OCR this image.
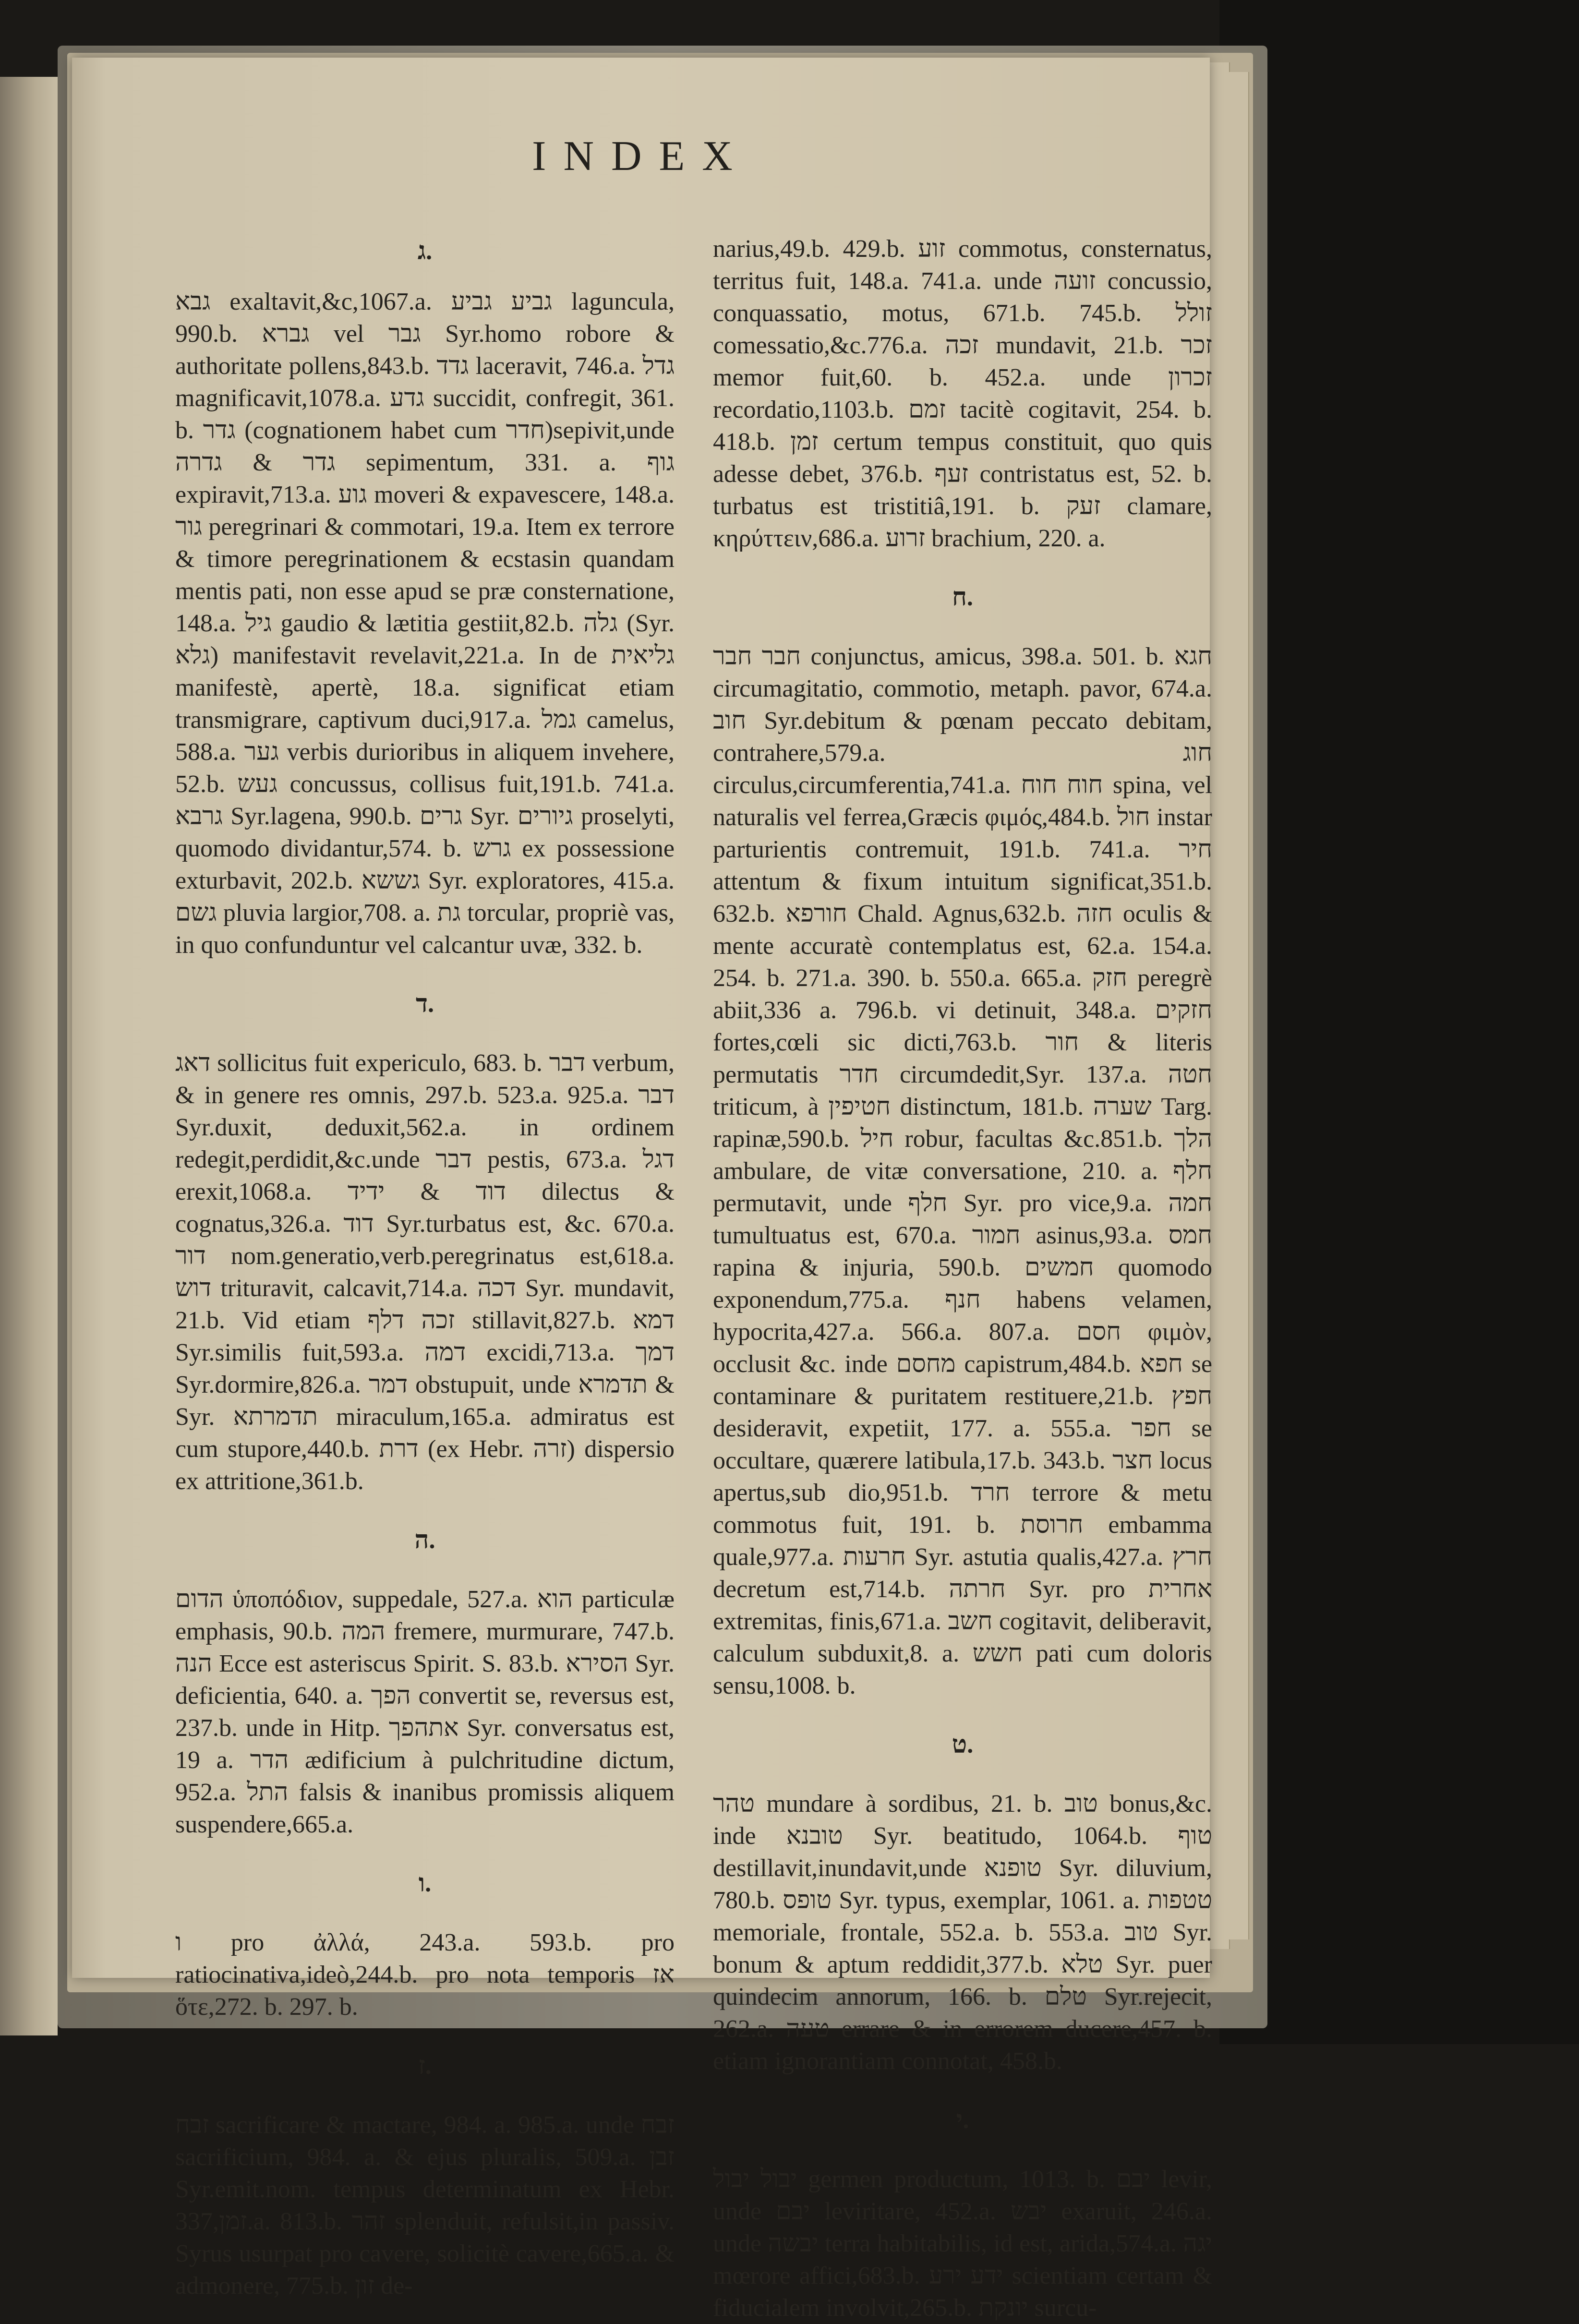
INDEX
ג.

גבא exaltavit,&c,1067.a. גביע גביע laguncula, 990.b. גברא vel גבר Syr.homo robore & authoritate pollens,843.b. גדד laceravit, 746.a. גדל magnificavit,1078.a. גדע succidit, confregit, 361. b. גדר (cognationem habet cum חדר)sepivit,unde גדר & גדרה sepimentum, 331. a. גוף expiravit,713.a. גוע moveri & expavescere, 148.a. גור peregrinari & commotari, 19.a. Item ex terrore & timore peregrinationem & ecstasin quandam mentis pati, non esse apud se præ consternatione, 148.a. גיל gaudio & lætitia gestiit,82.b. גלה (Syr. גלא) manifestavit revelavit,221.a. In de גליאית manifestè, apertè, 18.a. significat etiam transmigrare, captivum duci,917.a. גמל camelus, 588.a. גער verbis durioribus in aliquem invehere, 52.b. געש concussus, collisus fuit,191.b. 741.a. גרבא Syr.lagena, 990.b. גרים Syr. גיורים proselyti, quomodo dividantur,574. b. גרש ex possessione exturbavit, 202.b. גששא Syr. exploratores, 415.a. גשם pluvia largior,708. a. גת torcular, propriè vas, in quo confunduntur vel calcantur uvæ, 332. b.

ד.

דאג sollicitus fuit expericulo, 683. b. דבר verbum, & in genere res omnis, 297.b. 523.a. 925.a. דבר Syr.duxit, deduxit,562.a. in ordinem redegit,perdidit,&c.unde דבר pestis, 673.a. דגל erexit,1068.a. דוד & ידיד dilectus & cognatus,326.a. דוד Syr.turbatus est, &c. 670.a. דור nom.generatio,verb.peregrinatus est,618.a. דוש trituravit, calcavit,714.a. דכה Syr. mundavit, 21.b. Vid etiam זכה דלף stillavit,827.b. דמא Syr.similis fuit,593.a. דמה excidi,713.a. דמך Syr.dormire,826.a. דמר obstupuit, unde תדמרא & Syr. תדמרתא miraculum,165.a. admiratus est cum stupore,440.b. דרת (ex Hebr. זרה) dispersio ex attritione,361.b.

ה.

הדום ὑποπόδιον, suppedale, 527.a. הוא particulæ emphasis, 90.b. המה fremere, murmurare, 747.b. הנה Ecce est asteriscus Spirit. S. 83.b. הסירא Syr. deficientia, 640. a. הפך convertit se, reversus est, 237.b. unde in Hitp. אתהפך Syr. conversatus est, 19 a. הדר ædificium à pulchritudine dictum, 952.a. התל falsis & inanibus promissis aliquem suspendere,665.a.

ו.

ו pro ἀλλά, 243.a. 593.b. pro ratiocinativa,ideò,244.b. pro nota temporis אז ὅτε,272. b. 297. b.

ז.

זבח sacrificare & mactare, 984. a. 985.a. unde זבח sacrificium, 984. a. & ejus pluralis, 509.a. זבן Syr.emit.nom. tempus determinatum ex Hebr. זמן,337.a. 813.b. זהר splenduit, refulsit,in passiv. Syrus usurpat pro cavere, solicitè cavere,665.a. & admonere, 775.b. זון de-

narius,49.b. 429.b. זוע commotus, consternatus, territus fuit, 148.a. 741.a. unde זועה concussio, conquassatio, motus, 671.b. 745.b. זולל comessatio,&c.776.a. זכה mundavit, 21.b. זכר memor fuit,60. b. 452.a. unde זכרון recordatio,1103.b. זמם tacitè cogitavit, 254. b. 418.b. זמן certum tempus constituit, quo quis adesse debet, 376.b. זעף contristatus est, 52. b. turbatus est tristitiâ,191. b. זעק clamare, κηρύττειν,686.a. זרוע brachium, 220. a.

ח.

חבר חבר conjunctus, amicus, 398.a. 501. b. חגא circumagitatio, commotio, metaph. pavor, 674.a. חוב Syr.debitum & pœnam peccato debitam, contrahere,579.a. חוג circulus,circumferentia,741.a. חוח חוח spina, vel naturalis vel ferrea,Græcis φιμός,484.b. חול instar parturientis contremuit, 191.b. 741.a. חיר attentum & fixum intuitum significat,351.b. 632.b. חורפא Chald. Agnus,632.b. חזה oculis & mente accuratè contemplatus est, 62.a. 154.a. 254. b. 271.a. 390. b. 550.a. 665.a. חזק peregrè abiit,336 a. 796.b. vi detinuit, 348.a. חזקים fortes,cœli sic dicti,763.b. חור & literis permutatis חדר circumdedit,Syr. 137.a. חטה triticum, à חטיפין distinctum, 181.b. שערה Targ. rapinæ,590.b. חיל robur, facultas &c.851.b. הלך ambulare, de vitæ conversatione, 210. a. חלף permutavit, unde חלף Syr. pro vice,9.a. חמה tumultuatus est, 670.a. חמור asinus,93.a. חמס rapina & injuria, 590.b. חמשים quomodo exponendum,775.a. חנף habens velamen, hypocrita,427.a. 566.a. 807.a. חסם φιμὸν, occlusit &c. inde מחסם capistrum,484.b. חפא se contaminare & puritatem restituere,21.b. חפץ desideravit, expetiit, 177. a. 555.a. חפר se occultare, quærere latibula,17.b. 343.b. חצר locus apertus,sub dio,951.b. חרד terrore & metu commotus fuit, 191. b. חרוסת embamma quale,977.a. חרעות Syr. astutia qualis,427.a. חרץ decretum est,714.b. חרתה Syr. pro אחרית extremitas, finis,671.a. חשב cogitavit, deliberavit, calculum subduxit,8. a. חשש pati cum doloris sensu,1008. b.

ט.

טהר mundare à sordibus, 21. b. טוב bonus,&c. inde טובנא Syr. beatitudo, 1064.b. טוף destillavit,inundavit,unde טופנא Syr. diluvium, 780.b. טופס Syr. typus, exemplar, 1061. a. טטפות memoriale, frontale, 552.a. b. 553.a. טוב Syr. bonum & aptum reddidit,377.b. טלא Syr. puer quindecim annorum, 166. b. טלם Syr.rejecit, 262.a. טעה errare & in errorem ducere,457. b. etiam ignorantiam connotat, 458.b.

י.

יבול יבול germen productum, 1013. b. יבם levir, unde יבם leviritare, 452.a. יבש exaruit, 246.a. unde יבשה terra habitabilis, id est, arida,574.a. יגה mœrore affici,683.b. ידע ירע scientiam certam & fiducialem involvit,265.b. יונקת surcu-
